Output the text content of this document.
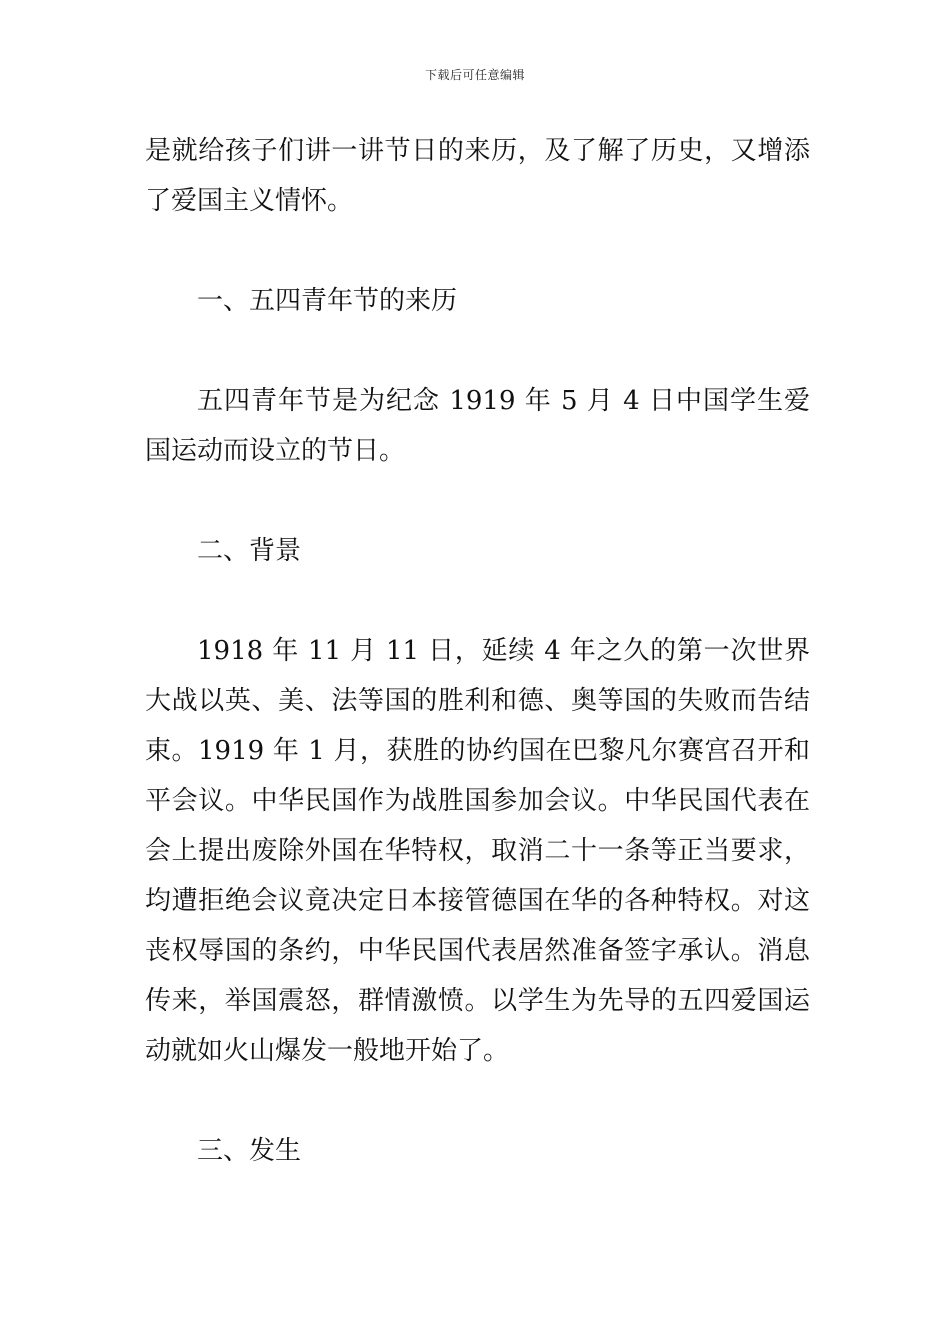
下载后可任意编辑

是就给孩子们讲一讲节日的来历，及了解了历史，又增添了爱国主义情怀。

一、五四青年节的来历

五四青年节是为纪念 1919 年 5 月 4 日中国学生爱国运动而设立的节日。

二、背景

1918 年 11 月 11 日，延续 4 年之久的第一次世界大战以英、美、法等国的胜利和德、奥等国的失败而告结束。1919 年 1 月，获胜的协约国在巴黎凡尔赛宫召开和平会议。中华民国作为战胜国参加会议。中华民国代表在会上提出废除外国在华特权，取消二十一条等正当要求，均遭拒绝会议竟决定日本接管德国在华的各种特权。对这丧权辱国的条约，中华民国代表居然准备签字承认。消息传来，举国震怒，群情激愤。以学生为先导的五四爱国运动就如火山爆发一般地开始了。

三、发生
